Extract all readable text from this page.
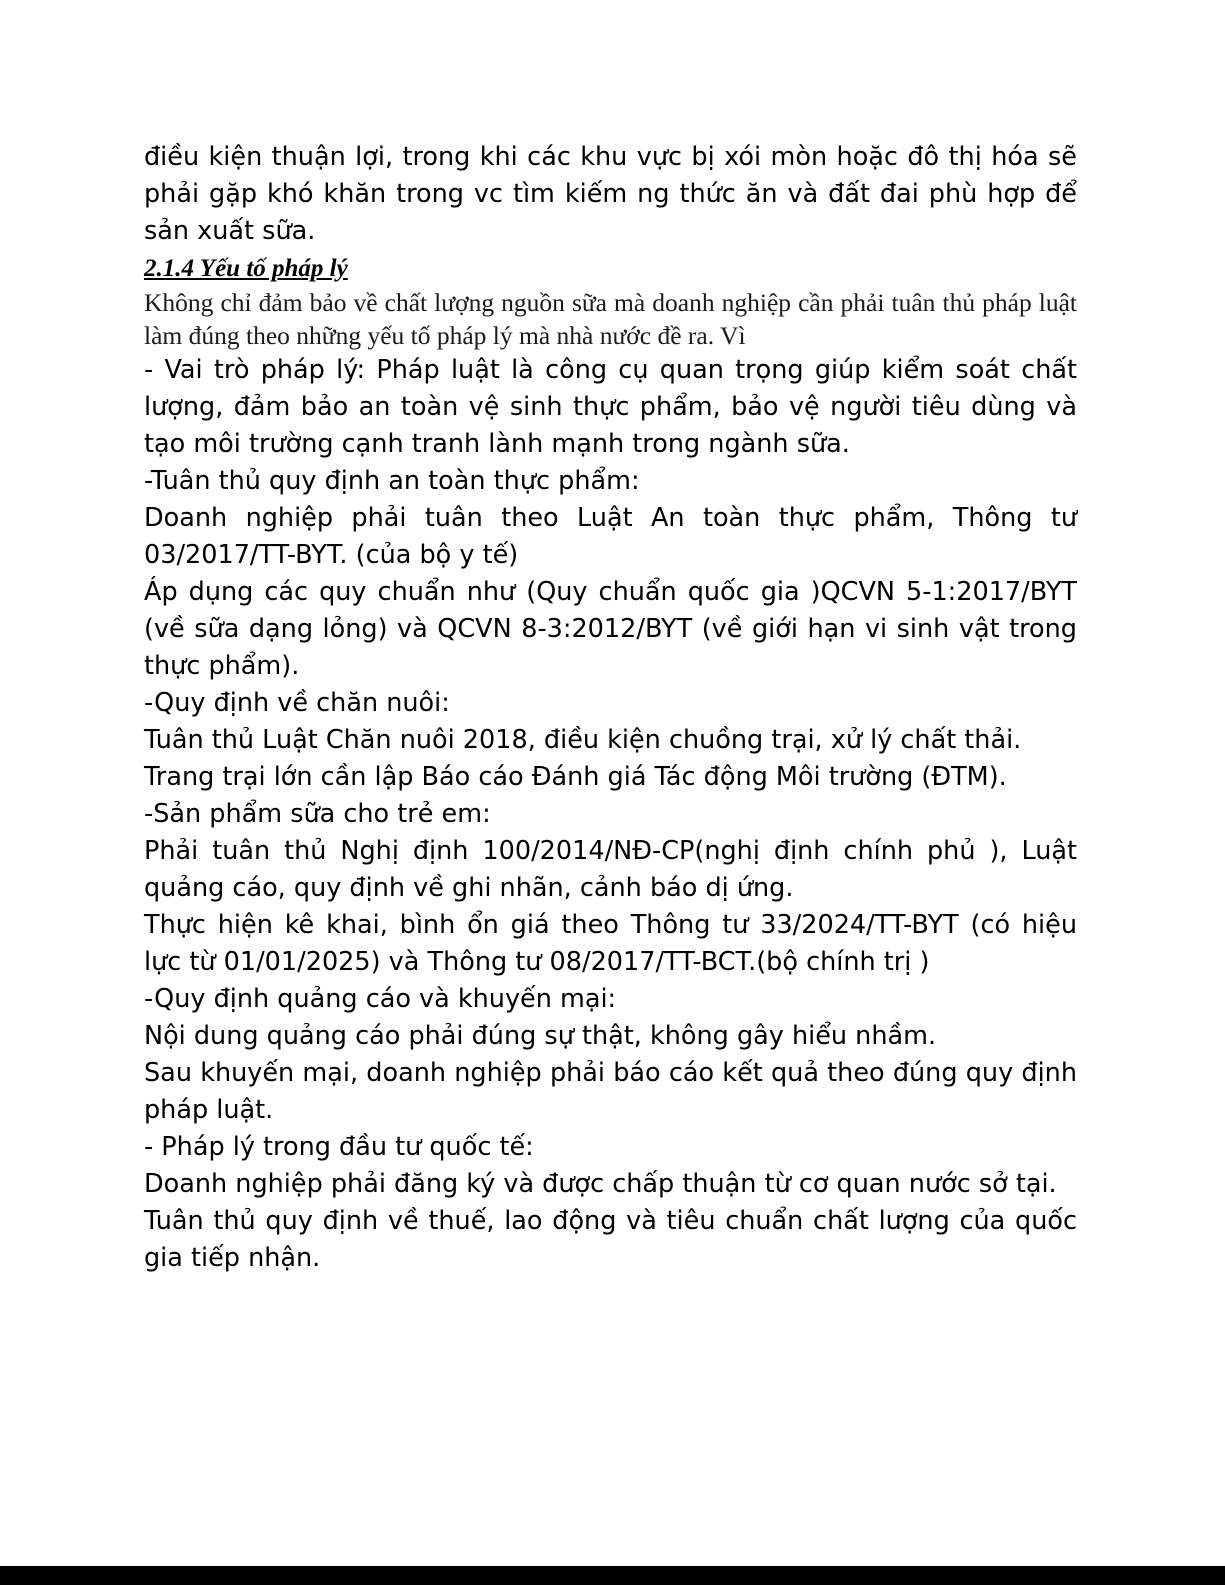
điều kiện thuận lợi, trong khi các khu vực bị xói mòn hoặc đô thị hóa sẽ phải gặp khó khăn trong vc tìm kiếm ng thức ăn và đất đai phù hợp để sản xuất sữa.

2.1.4 Yếu tố pháp lý

Không chỉ đảm bảo về chất lượng nguồn sữa mà doanh nghiệp cần phải tuân thủ pháp luật làm đúng theo những yếu tố pháp lý mà nhà nước đề ra. Vì

- Vai trò pháp lý: Pháp luật là công cụ quan trọng giúp kiểm soát chất lượng, đảm bảo an toàn vệ sinh thực phẩm, bảo vệ người tiêu dùng và tạo môi trường cạnh tranh lành mạnh trong ngành sữa.

-Tuân thủ quy định an toàn thực phẩm:

Doanh nghiệp phải tuân theo Luật An toàn thực phẩm, Thông tư 03/2017/TT-BYT. (của bộ y tế)

Áp dụng các quy chuẩn như (Quy chuẩn quốc gia )QCVN 5-1:2017/BYT (về sữa dạng lỏng) và QCVN 8-3:2012/BYT (về giới hạn vi sinh vật trong thực phẩm).

-Quy định về chăn nuôi:

Tuân thủ Luật Chăn nuôi 2018, điều kiện chuồng trại, xử lý chất thải.

Trang trại lớn cần lập Báo cáo Đánh giá Tác động Môi trường (ĐTM).

-Sản phẩm sữa cho trẻ em:

Phải tuân thủ Nghị định 100/2014/NĐ-CP(nghị định chính phủ ), Luật quảng cáo, quy định về ghi nhãn, cảnh báo dị ứng.

Thực hiện kê khai, bình ổn giá theo Thông tư 33/2024/TT-BYT (có hiệu lực từ 01/01/2025) và Thông tư 08/2017/TT-BCT.(bộ chính trị )

-Quy định quảng cáo và khuyến mại:

Nội dung quảng cáo phải đúng sự thật, không gây hiểu nhầm.

Sau khuyến mại, doanh nghiệp phải báo cáo kết quả theo đúng quy định pháp luật.

- Pháp lý trong đầu tư quốc tế:

Doanh nghiệp phải đăng ký và được chấp thuận từ cơ quan nước sở tại.

Tuân thủ quy định về thuế, lao động và tiêu chuẩn chất lượng của quốc gia tiếp nhận.
